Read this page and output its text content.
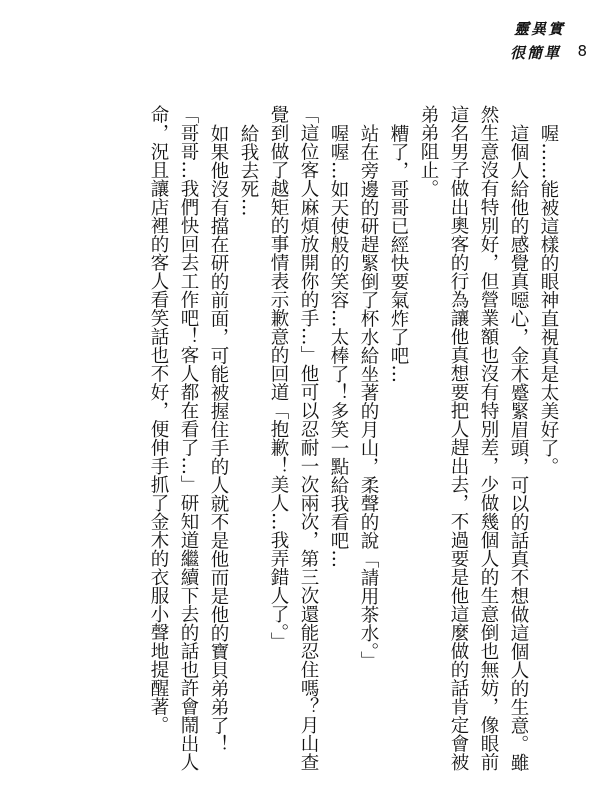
靈異實
很簡單 8

喔……能被這樣的眼神直視真是太美好了。

這個人給他的感覺真噁心，金木蹙緊眉頭，可以的話真不想做這個人的生意。雖然生意沒有特別好，但營業額也沒有特別差，少做幾個人的生意倒也無妨，像眼前這名男子做出奧客的行為讓他真想要把人趕出去，不過要是他這麼做的話肯定會被弟弟阻止。

糟了，哥哥已經快要氣炸了吧…

站在旁邊的研趕緊倒了杯水給坐著的月山，柔聲的說「請用茶水。」

喔喔…如天使般的笑容…太棒了！多笑一點給我看吧…

「這位客人麻煩放開你的手…」他可以忍耐一次兩次，第三次還能忍住嗎？月山查覺到做了越矩的事情表示歉意的回道「抱歉！美人…我弄錯人了。」

給我去死…

如果他沒有擋在研的前面，可能被握住手的人就不是他而是他的寶貝弟弟了！

「哥哥…我們快回去工作吧！客人都在看了…」研知道繼續下去的話也許會鬧出人命，況且讓店裡的客人看笑話也不好，便伸手抓了金木的衣服小聲地提醒著。
